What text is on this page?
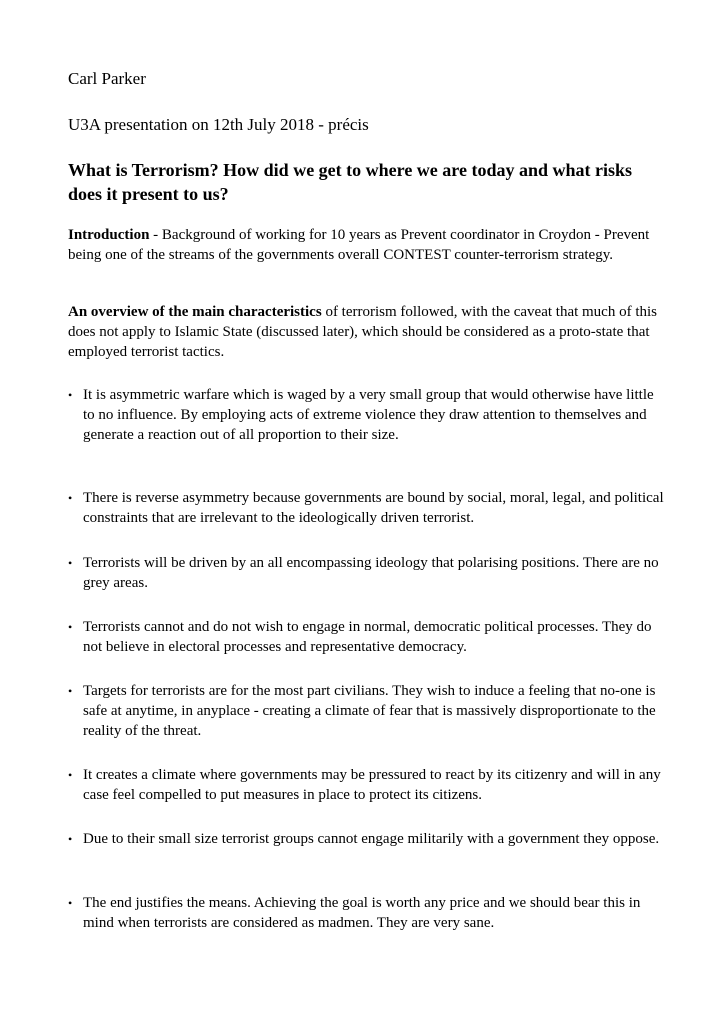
Carl Parker

U3A presentation on 12th July 2018 - précis

What is Terrorism? How did we get to where we are today and what risks does it present to us?

Introduction - Background of working for 10 years as Prevent coordinator in Croydon - Prevent being one of the streams of the governments overall CONTEST counter-terrorism strategy.

An overview of the main characteristics of terrorism followed, with the caveat that much of this does not apply to Islamic State (discussed later), which should be considered as a proto-state that employed terrorist tactics.

• It is asymmetric warfare which is waged by a very small group that would otherwise have little to no influence. By employing acts of extreme violence they draw attention to themselves and generate a reaction out of all proportion to their size.
• There is reverse asymmetry because governments are bound by social, moral, legal, and political constraints that are irrelevant to the ideologically driven terrorist.
• Terrorists will be driven by an all encompassing ideology that polarising positions. There are no grey areas.
• Terrorists cannot and do not wish to engage in normal, democratic political processes. They do not believe in electoral processes and representative democracy.
• Targets for terrorists are for the most part civilians. They wish to induce a feeling that no-one is safe at anytime, in anyplace - creating a climate of fear that is massively disproportionate to the reality of the threat.
• It creates a climate where governments may be pressured to react by its citizenry and will in any case feel compelled to put measures in place to protect its citizens.
• Due to their small size terrorist groups cannot engage militarily with a government they oppose.
• The end justifies the means. Achieving the goal is worth any price and we should bear this in mind when terrorists are considered as madmen. They are very sane.
